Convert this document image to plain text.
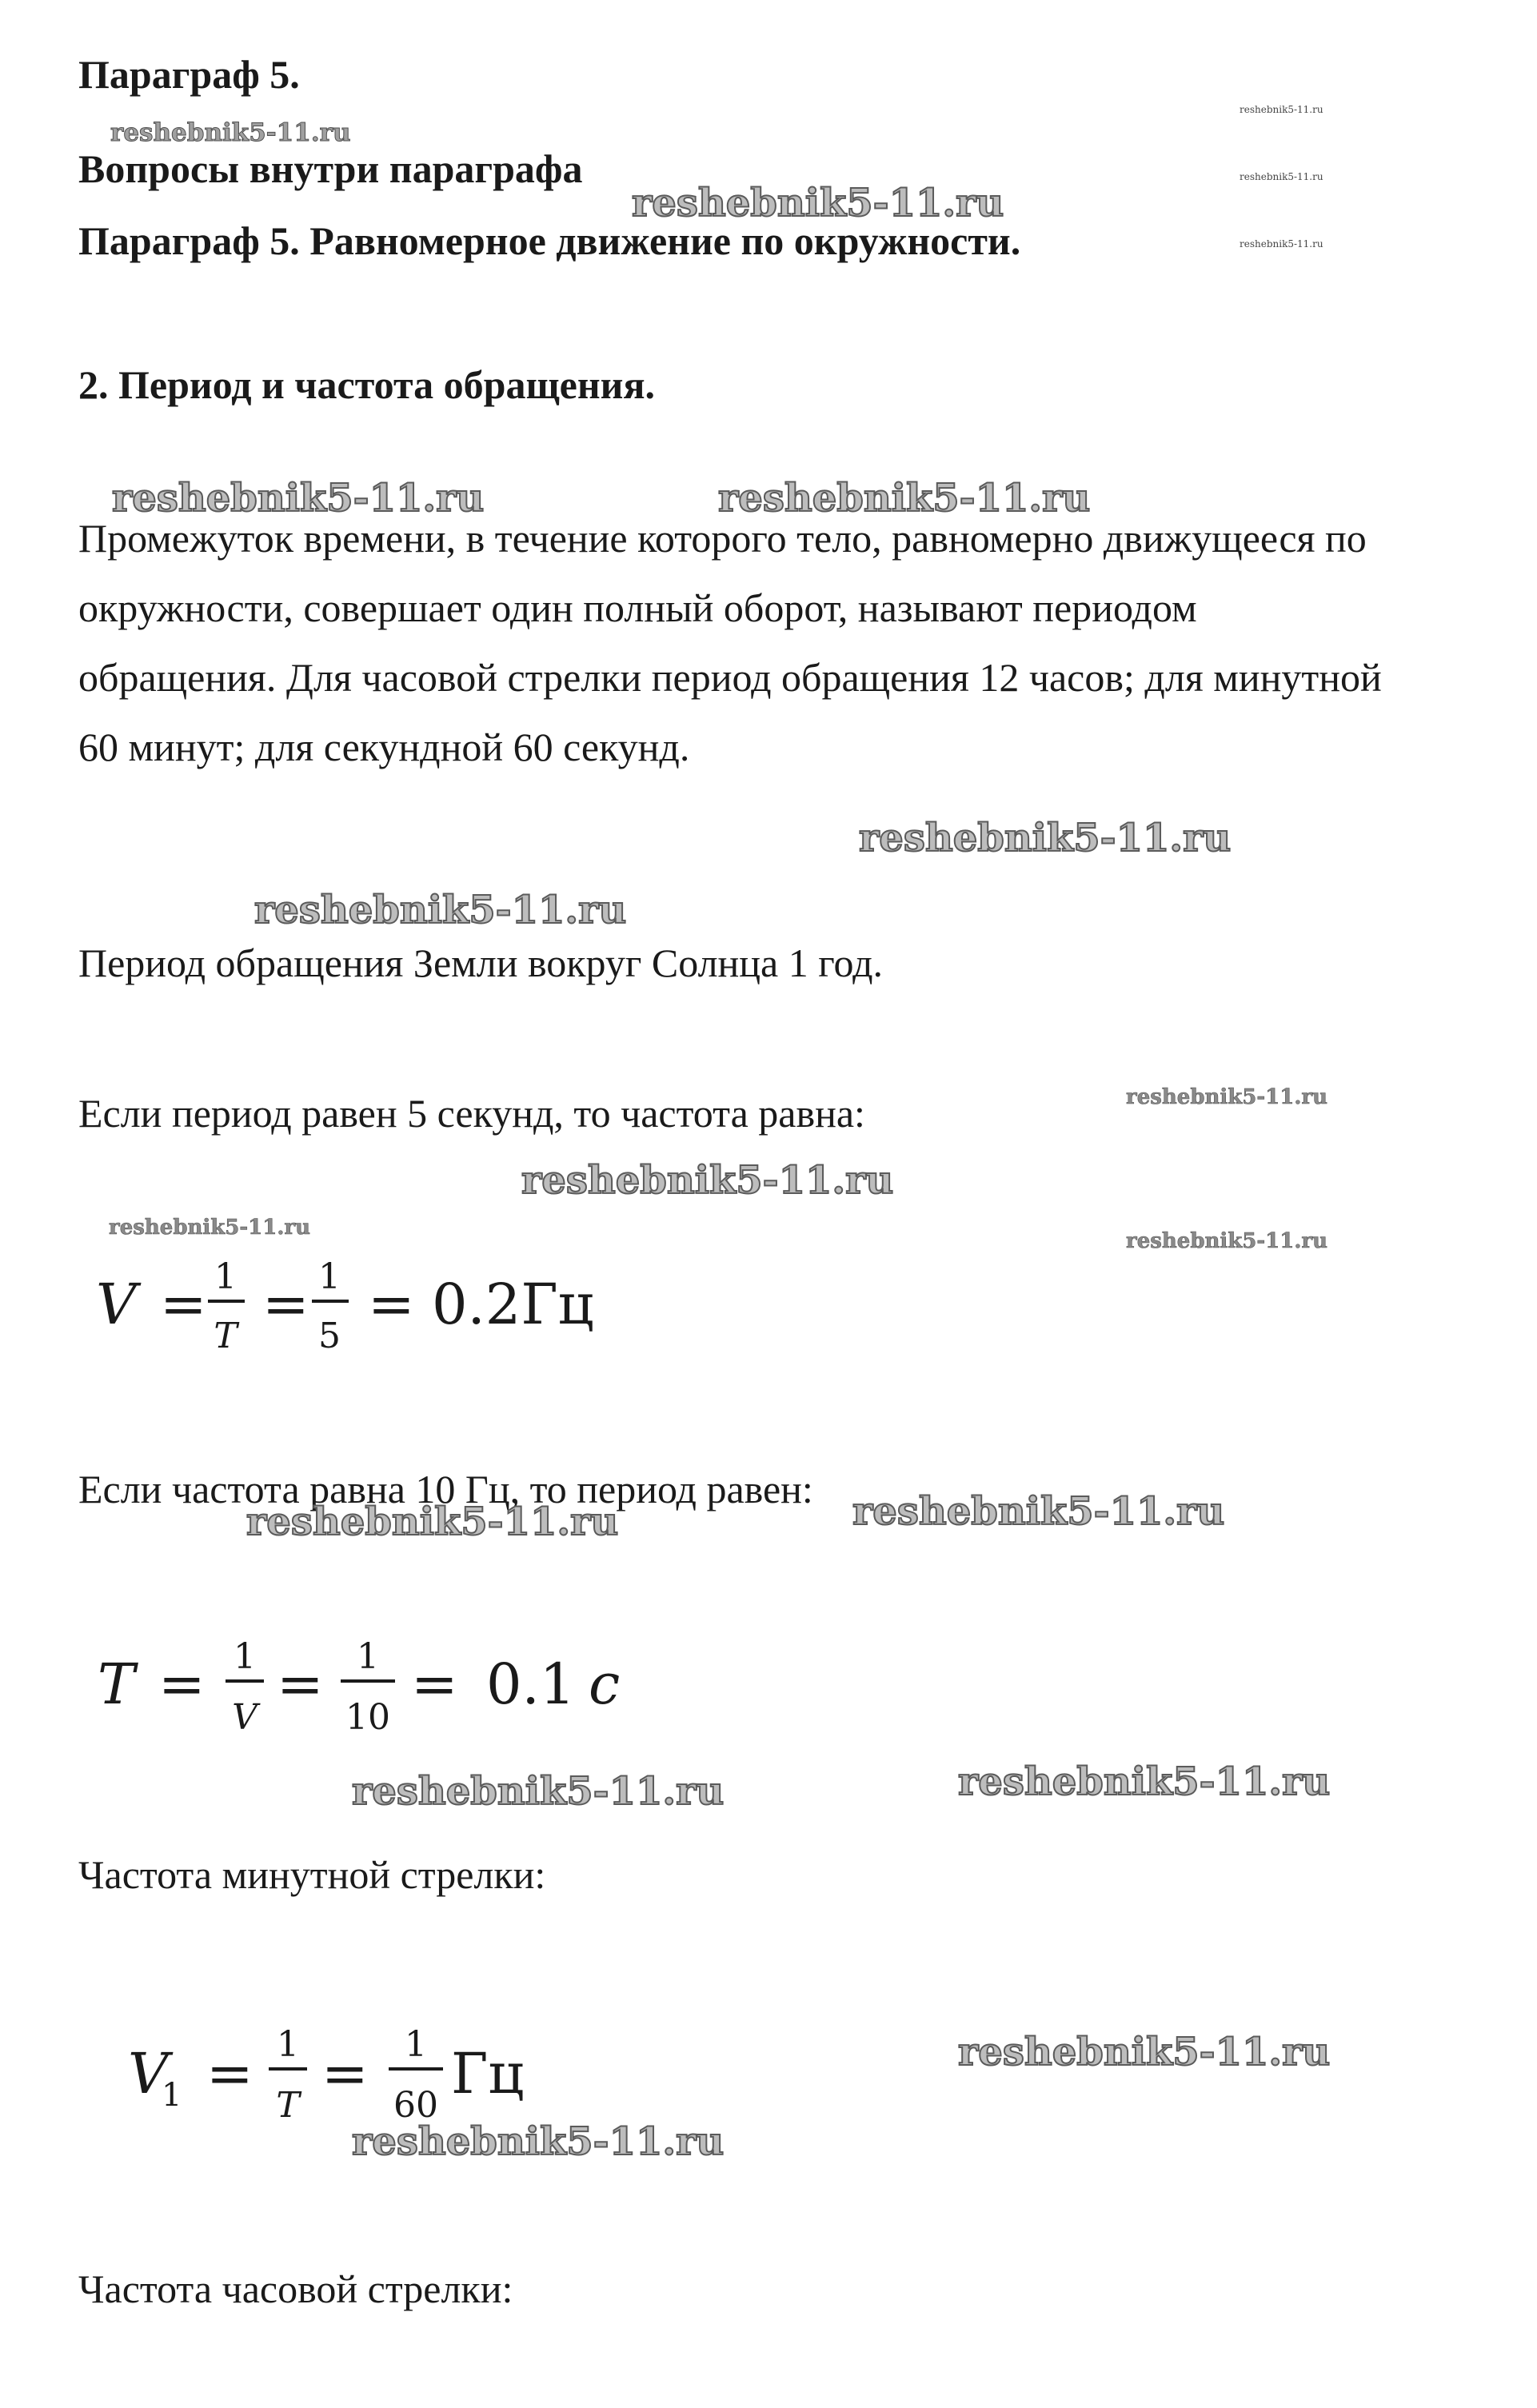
Параграф 5.
Вопросы внутри параграфа
Параграф 5. Равномерное движение по окружности.
2. Период и частота обращения.
Промежуток времени, в течение которого тело, равномерно движущееся по окружности, совершает один полный оборот, называют периодом обращения. Для часовой стрелки период обращения 12 часов; для минутной 60 минут; для секундной 60 секунд.
Период обращения Земли вокруг Солнца 1 год.
Если период равен 5 секунд, то частота равна:
V = 1
T = 1
5 = 0.2Гц
Если частота равна 10 Гц, то период равен:
T = 1
V
= 1
10
= 0.1 c
Частота минутной стрелки:
V
1 = 1
T = 1
60 Гц
Частота часовой стрелки:
reshebnik5-11.ru
reshebnik5-11.ru
reshebnik5-11.ru	reshebnik5-11.ru
reshebnik5-11.ru
reshebnik5-11.ru
reshebnik5-11.ru
reshebnik5-11.ru	reshebnik5-11.ru
reshebnik5-11.ru	reshebnik5-11.ru
reshebnik5-11.ru
reshebnik5-11.ru
reshebnik5-11.ru
reshebnik5-11.ru
reshebnik5-11.ru
reshebnik5-11.ru
reshebnik5-11.ru
reshebnik5-11.ru
